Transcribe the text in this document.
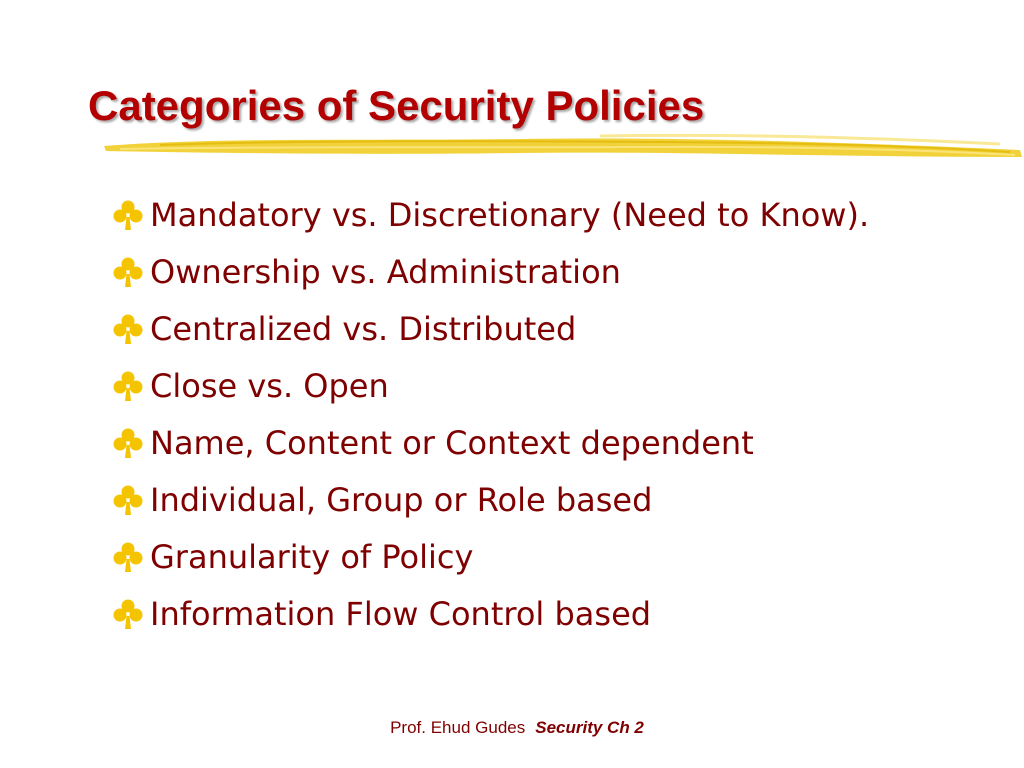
Categories of Security Policies
Mandatory vs. Discretionary (Need to Know).
Ownership vs. Administration
Centralized vs. Distributed
Close vs. Open
Name, Content or Context dependent
Individual, Group or Role based
Granularity of Policy
Information Flow Control based
Prof. Ehud Gudes Security Ch 2
